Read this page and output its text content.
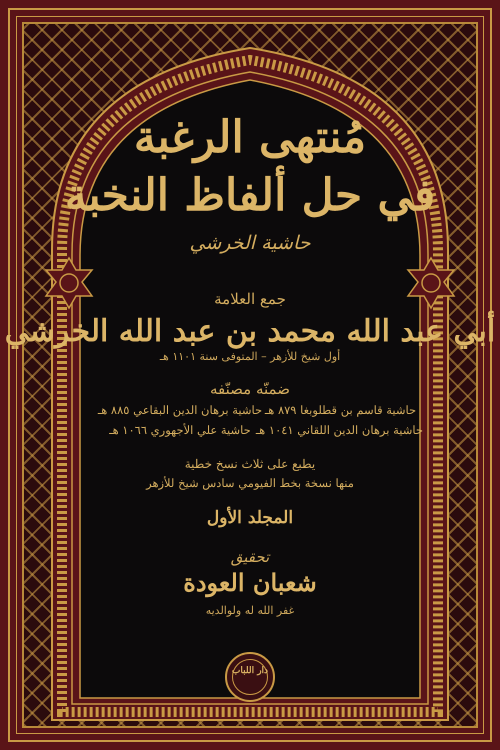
مُنتهى الرغبة
في حل ألفاظ النخبة
حاشية الخرشي
جمع العلامة
أبي عبد الله محمد بن عبد الله الخرشي
أول شيخ للأزهر – المتوفى سنة ١١٠١ هـ
ضمنّه مصنّفه
حاشية قاسم بن قطلوبغا ٨٧٩ هـ
حاشية برهان الدين البقاعي ٨٨٥ هـ
حاشية برهان الدين اللقاني ١٠٤١ هـ
حاشية علي الأجهوري ١٠٦٦ هـ
يطبع على ثلاث نسخ خطية
منها نسخة بخط الفيومي سادس شيخ للأزهر
المجلد الأول
تحقيق
شعبان العودة
غفر الله له ولوالديه
دار اللباب
